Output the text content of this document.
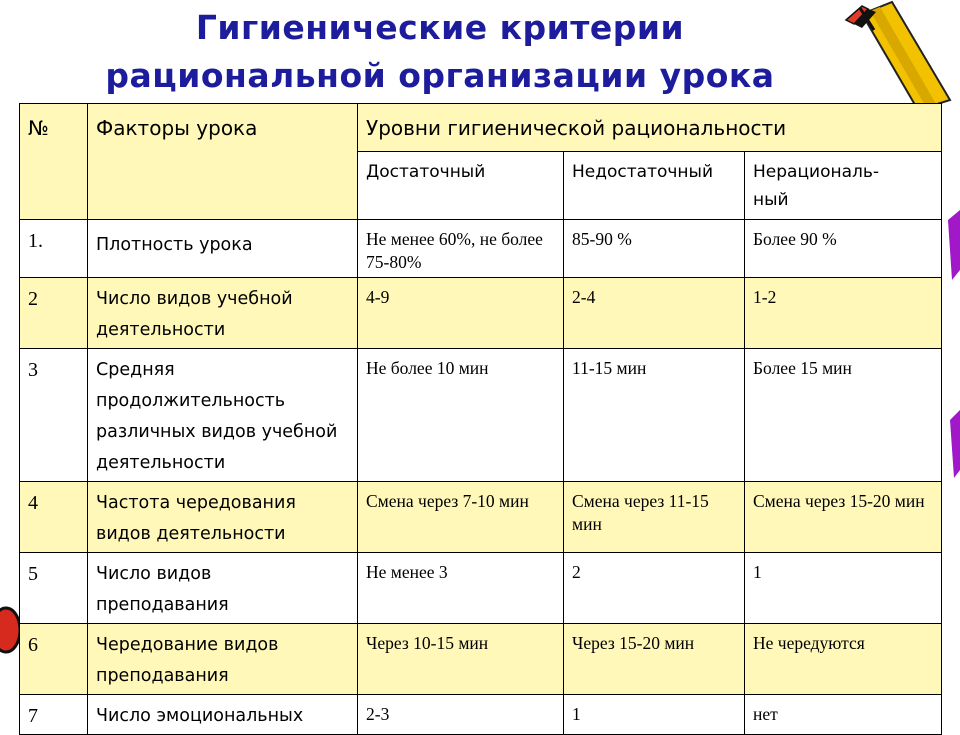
Гигиенические критерии
рациональной организации урока
№	Факторы урока	Уровни гигиенической рациональности		
		Достаточный	Недостаточный	Нерациональ-
ный
1.	Плотность урока	Не менее 60%, не более 75-80%	85-90 %	Более 90 %
2	Число видов учебной деятельности	4-9	2-4	1-2
3	Средняя продолжительность различных видов учебной деятельности	Не более 10 мин	11-15 мин	Более 15 мин
4	Частота чередования видов деятельности	Смена через 7-10 мин	Смена через 11-15 мин	Смена через 15-20 мин
5	Число видов преподавания	Не менее 3	2	1
6	Чередование видов преподавания	Через 10-15 мин	Через 15-20 мин	Не чередуются
7	Число эмоциональных	2-3	1	нет
